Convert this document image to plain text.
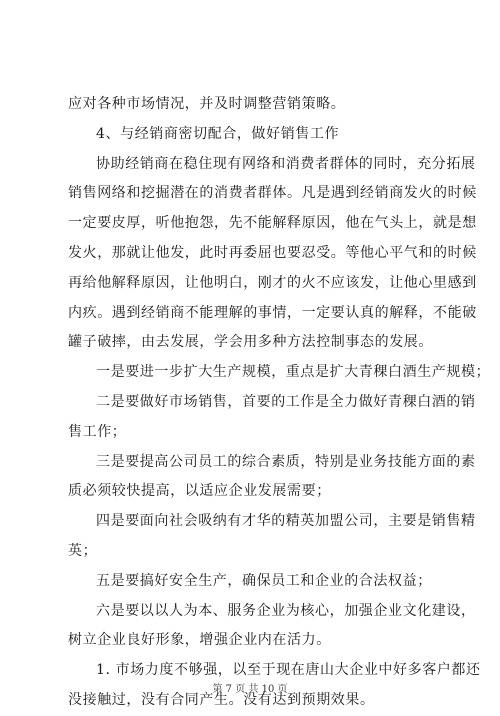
应对各种市场情况，并及时调整营销策略。
4、与经销商密切配合，做好销售工作
协助经销商在稳住现有网络和消费者群体的同时，充分拓展
销售网络和挖掘潜在的消费者群体。凡是遇到经销商发火的时候
一定要皮厚，听他抱怨，先不能解释原因，他在气头上，就是想
发火，那就让他发，此时再委屈也要忍受。等他心平气和的时候
再给他解释原因，让他明白，刚才的火不应该发，让他心里感到
内疚。遇到经销商不能理解的事情，一定要认真的解释，不能破
罐子破摔，由去发展，学会用多种方法控制事态的发展。
一是要进一步扩大生产规模，重点是扩大青稞白酒生产规模；
二是要做好市场销售，首要的工作是全力做好青稞白酒的销
售工作；
三是要提高公司员工的综合素质，特别是业务技能方面的素
质必须较快提高，以适应企业发展需要；
四是要面向社会吸纳有才华的精英加盟公司，主要是销售精
英；
五是要搞好安全生产，确保员工和企业的合法权益；
六是要以以人为本、服务企业为核心，加强企业文化建设，
树立企业良好形象，增强企业内在活力。
1. 市场力度不够强，以至于现在唐山大企业中好多客户都还
没接触过，没有合同产生。没有达到预期效果。
第 7 页 共 10 页
